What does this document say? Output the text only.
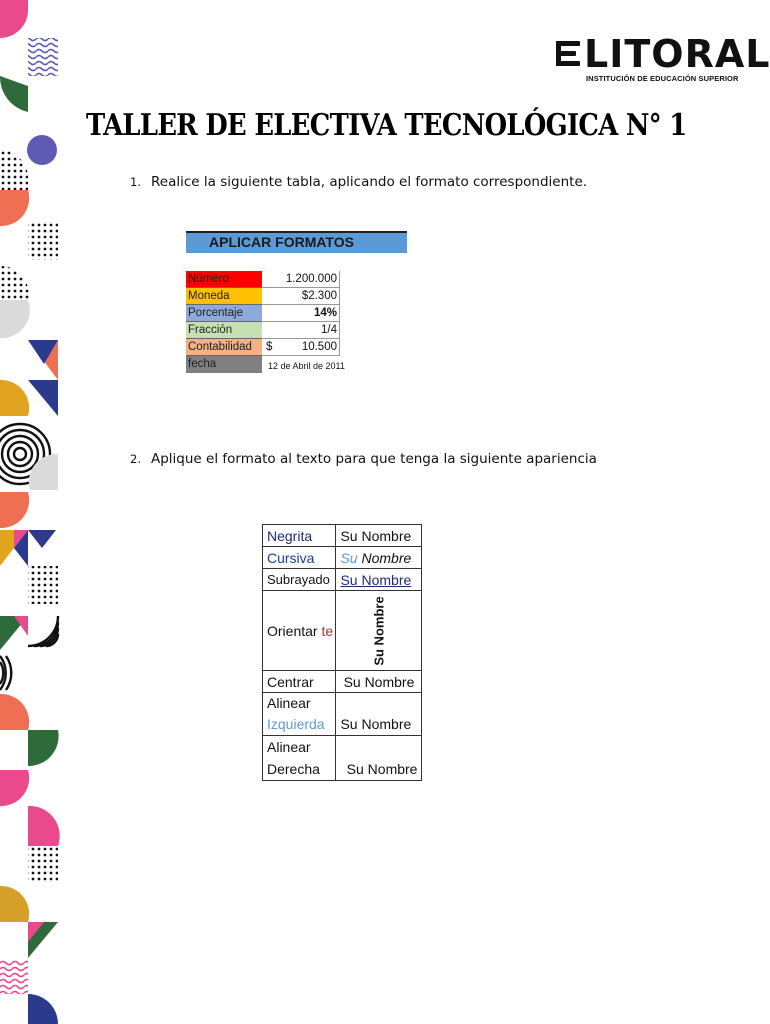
LITORAL
INSTITUCIÓN DE EDUCACIÓN SUPERIOR
TALLER DE ELECTIVA TECNOLÓGICA N° 1
1. Realice la siguiente tabla, aplicando el formato correspondiente.
APLICAR FORMATOS
Número	1.200.000
Moneda	$2.300
Porcentaje	14%
Fracción	1/4
Contabilidad	$	10.500
fecha	12 de Abril de 2011
2. Aplique el formato al texto para que tenga la siguiente apariencia
Negrita	Su Nombre
Cursiva	Su Nombre
Subrayado	Su Nombre
Orientar te	Su Nombre

Centrar	Su Nombre

Alinear
Izquierda	Su Nombre

Alinear
Derecha	Su Nombre
